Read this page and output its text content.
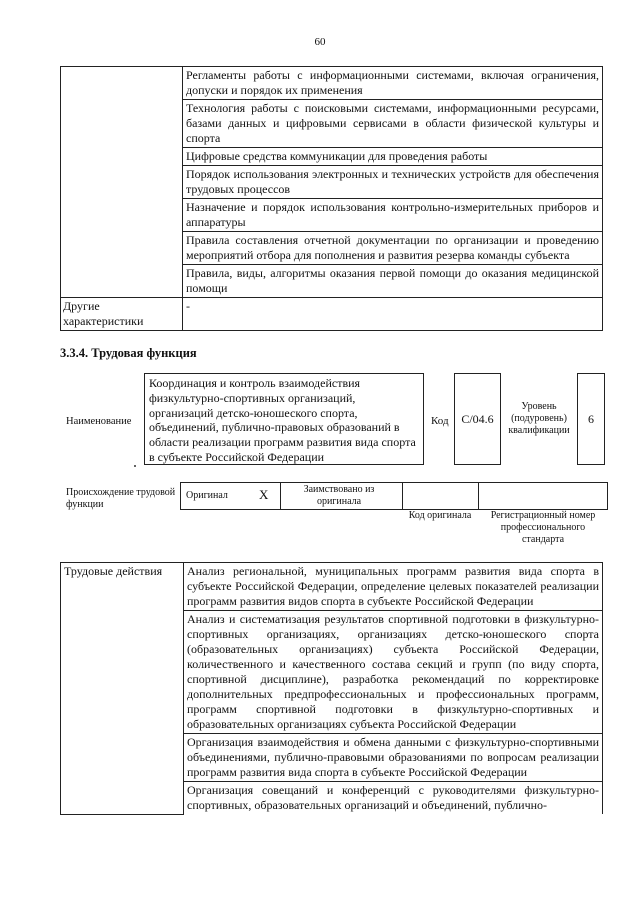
60
	Регламенты работы с информационными системами, включая ограничения, допуски и порядок их применения
	Технология работы с поисковыми системами, информационными ресурсами, базами данных и цифровыми сервисами в области физической культуры и спорта
	Цифровые средства коммуникации для проведения работы
	Порядок использования электронных и технических устройств для обеспечения трудовых процессов
	Назначение и порядок использования контрольно-измерительных приборов и аппаратуры
	Правила составления отчетной документации по организации и проведению мероприятий отбора для пополнения и развития резерва команды субъекта
	Правила, виды, алгоритмы оказания первой помощи до оказания медицинской помощи
Другие характеристики	-
3.3.4. Трудовая функция
Наименование
Координация и контроль взаимодействия физкультурно-спортивных организаций, организаций детско-юношеского спорта, объединений, публично-правовых образований в области реализации программ развития вида спорта в субъекте Российской Федерации
Код	C/04.6
Уровень (подуровень) квалификации
6
Происхождение трудовой функции
Оригинал X	Заимствовано из оригинала
Код оригинала	Регистрационный номер профессионального стандарта
Трудовые действия	Анализ региональной, муниципальных программ развития вида спорта в субъекте Российской Федерации, определение целевых показателей реализации программ развития видов спорта в субъекте Российской Федерации
Анализ и систематизация результатов спортивной подготовки в физкультурно-спортивных организациях, организациях детско-юношеского спорта (образовательных организациях) субъекта Российской Федерации, количественного и качественного состава секций и групп (по виду спорта, спортивной дисциплине), разработка рекомендаций по корректировке дополнительных предпрофессиональных и профессиональных программ, программ спортивной подготовки в физкультурно-спортивных и образовательных организациях субъекта Российской Федерации
Организация взаимодействия и обмена данными с физкультурно-спортивными объединениями, публично-правовыми образованиями по вопросам реализации программ развития вида спорта в субъекте Российской Федерации

Организация совещаний и конференций с руководителями физкультурно-спортивных, образовательных организаций и объединений, публично-
